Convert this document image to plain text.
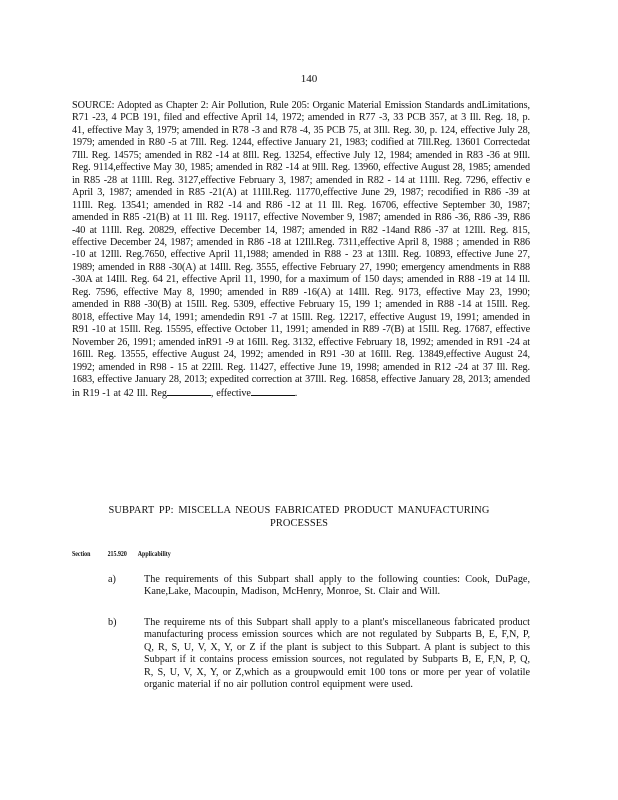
140
SOURCE: Adopted as Chapter 2: Air Pollution, Rule 205: Organic Material Emission Standards andLimitations, R71 -23, 4 PCB 191, filed and effective April 14, 1972; amended in R77 -3, 33 PCB 357, at 3 Ill. Reg. 18, p. 41, effective May 3, 1979; amended in R78 -3 and R78 -4, 35 PCB 75, at 3Ill. Reg. 30, p. 124, effective July 28, 1979; amended in R80 -5 at 7Ill. Reg. 1244, effective January 21, 1983; codified at 7Ill.Reg. 13601 Correctedat 7Ill. Reg. 14575; amended in R82 -14 at 8Ill. Reg. 13254, effective July 12, 1984; amended in R83 -36 at 9Ill. Reg. 9114,effective May 30, 1985; amended in R82 -14 at 9Ill. Reg. 13960, effective August 28, 1985; amended in R85 -28 at 11Ill. Reg. 3127,effective February 3, 1987; amended in R82 - 14 at 11Ill. Reg. 7296, effectiv e April 3, 1987; amended in R85 -21(A) at 11Ill.Reg. 11770,effective June 29, 1987; recodified in R86 -39 at 11Ill. Reg. 13541; amended in R82 -14 and R86 -12 at 11 Ill. Reg. 16706, effective September 30, 1987; amended in R85 -21(B) at 11 Ill. Reg. 19117, effective November 9, 1987; amended in R86 -36, R86 -39, R86 -40 at 11Ill. Reg. 20829, effective December 14, 1987; amended in R82 -14and R86 -37 at 12Ill. Reg. 815, effective December 24, 1987; amended in R86 -18 at 12Ill.Reg. 7311,effective April 8, 1988 ; amended in R86 -10 at 12Ill. Reg.7650, effective April 11,1988; amended in R88 - 23 at 13Ill. Reg. 10893, effective June 27, 1989; amended in R88 -30(A) at 14Ill. Reg. 3555, effective February 27, 1990; emergency amendments in R88 -30A at 14Ill. Reg. 64 21, effective April 11, 1990, for a maximum of 150 days; amended in R88 -19 at 14 Ill. Reg. 7596, effective May 8, 1990; amended in R89 -16(A) at 14Ill. Reg. 9173, effective May 23, 1990; amended in R88 -30(B) at 15Ill. Reg. 5309, effective February 15, 199 1; amended in R88 -14 at 15Ill. Reg. 8018, effective May 14, 1991; amendedin R91 -7 at 15Ill. Reg. 12217, effective August 19, 1991; amended in R91 -10 at 15Ill. Reg. 15595, effective October 11, 1991; amended in R89 -7(B) at 15Ill. Reg. 17687, effective November 26, 1991; amended inR91 -9 at 16Ill. Reg. 3132, effective February 18, 1992; amended in R91 -24 at 16Ill. Reg. 13555, effective August 24, 1992; amended in R91 -30 at 16Ill. Reg. 13849,effective August 24, 1992; amended in R98 - 15 at 22Ill. Reg. 11427, effective June 19, 1998; amended in R12 -24 at 37 Ill. Reg. 1683, effective January 28, 2013; expedited correction at 37Ill. Reg. 16858, effective January 28, 2013; amended in R19 -1 at 42 Ill. Reg	, effective	.
SUBPART PP: MISCELLA NEOUS FABRICATED PRODUCT MANUFACTURING PROCESSES
Section 215.920 Applicability
a)	The requirements of this Subpart shall apply to the following counties: Cook, DuPage, Kane,Lake, Macoupin, Madison, McHenry, Monroe, St. Clair and Will.
b)	The requireme nts of this Subpart shall apply to a plant's miscellaneous fabricated product manufacturing process emission sources which are not regulated by Subparts B, E, F,N, P, Q, R, S, U, V, X, Y, or Z if the plant is subject to this Subpart. A plant is subject to this Subpart if it contains process emission sources, not regulated by Subparts B, E, F,N, P, Q, R, S, U, V, X, Y, or Z,which as a groupwould emit 100 tons or more per year of volatile organic material if no air pollution control equipment were used.
